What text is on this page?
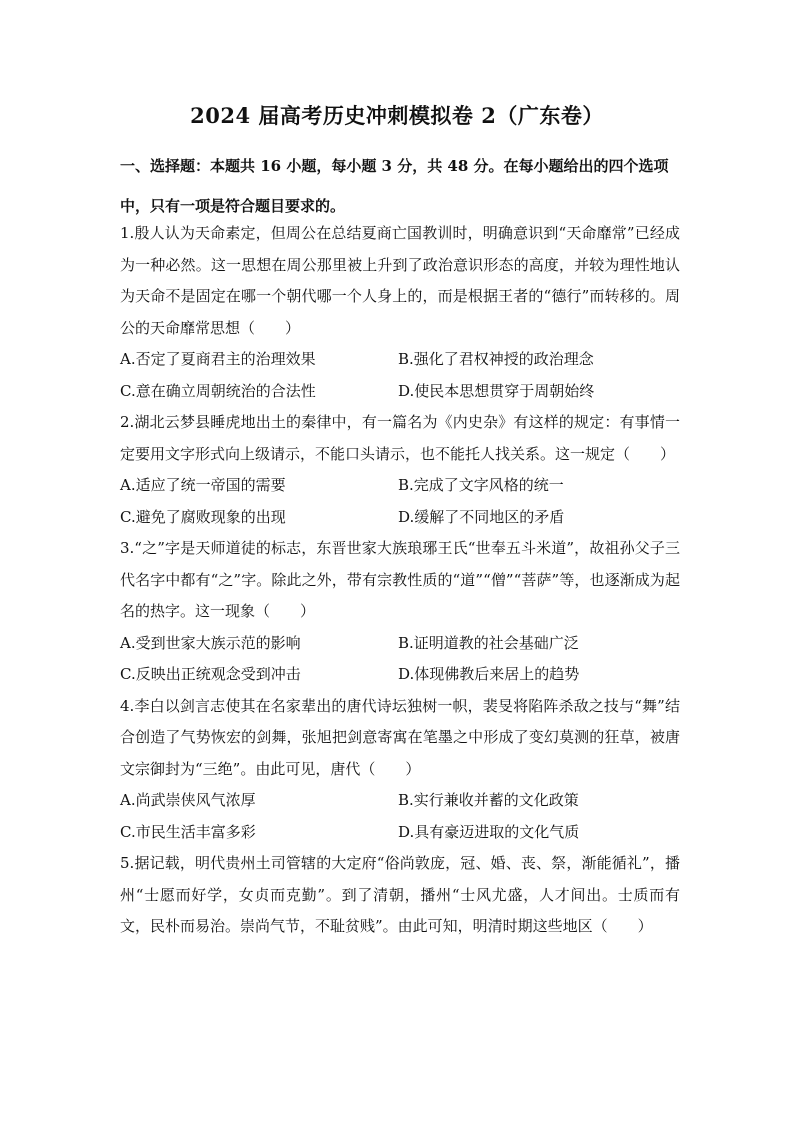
2024 届高考历史冲刺模拟卷 2（广东卷）
一、选择题：本题共 16 小题，每小题 3 分，共 48 分。在每小题给出的四个选项中，只有一项是符合题目要求的。
1.殷人认为天命素定，但周公在总结夏商亡国教训时，明确意识到“天命靡常”已经成为一种必然。这一思想在周公那里被上升到了政治意识形态的高度，并较为理性地认为天命不是固定在哪一个朝代哪一个人身上的，而是根据王者的“德行”而转移的。周公的天命靡常思想（　　）
A.否定了夏商君主的治理效果	B.强化了君权神授的政治理念
C.意在确立周朝统治的合法性	D.使民本思想贯穿于周朝始终
2.湖北云梦县睡虎地出土的秦律中，有一篇名为《内史杂》有这样的规定：有事情一定要用文字形式向上级请示，不能口头请示，也不能托人找关系。这一规定（　　）
A.适应了统一帝国的需要	B.完成了文字风格的统一
C.避免了腐败现象的出现	D.缓解了不同地区的矛盾
3.“之”字是天师道徒的标志，东晋世家大族琅琊王氏“世奉五斗米道”，故祖孙父子三代名字中都有“之”字。除此之外，带有宗教性质的“道”“僧”“菩萨”等，也逐渐成为起名的热字。这一现象（　　）
A.受到世家大族示范的影响	B.证明道教的社会基础广泛
C.反映出正统观念受到冲击	D.体现佛教后来居上的趋势
4.李白以剑言志使其在名家辈出的唐代诗坛独树一帜，裴旻将陷阵杀敌之技与“舞”结合创造了气势恢宏的剑舞，张旭把剑意寄寓在笔墨之中形成了变幻莫测的狂草，被唐文宗御封为“三绝”。由此可见，唐代（　　）
A.尚武崇侠风气浓厚	B.实行兼收并蓄的文化政策
C.市民生活丰富多彩	D.具有豪迈进取的文化气质
5.据记载，明代贵州土司管辖的大定府“俗尚敦庞，冠、婚、丧、祭，渐能循礼”，播州“士愿而好学，女贞而克勤”。到了清朝，播州“士风尤盛，人才间出。士质而有文，民朴而易治。崇尚气节，不耻贫贱”。由此可知，明清时期这些地区（　　）
